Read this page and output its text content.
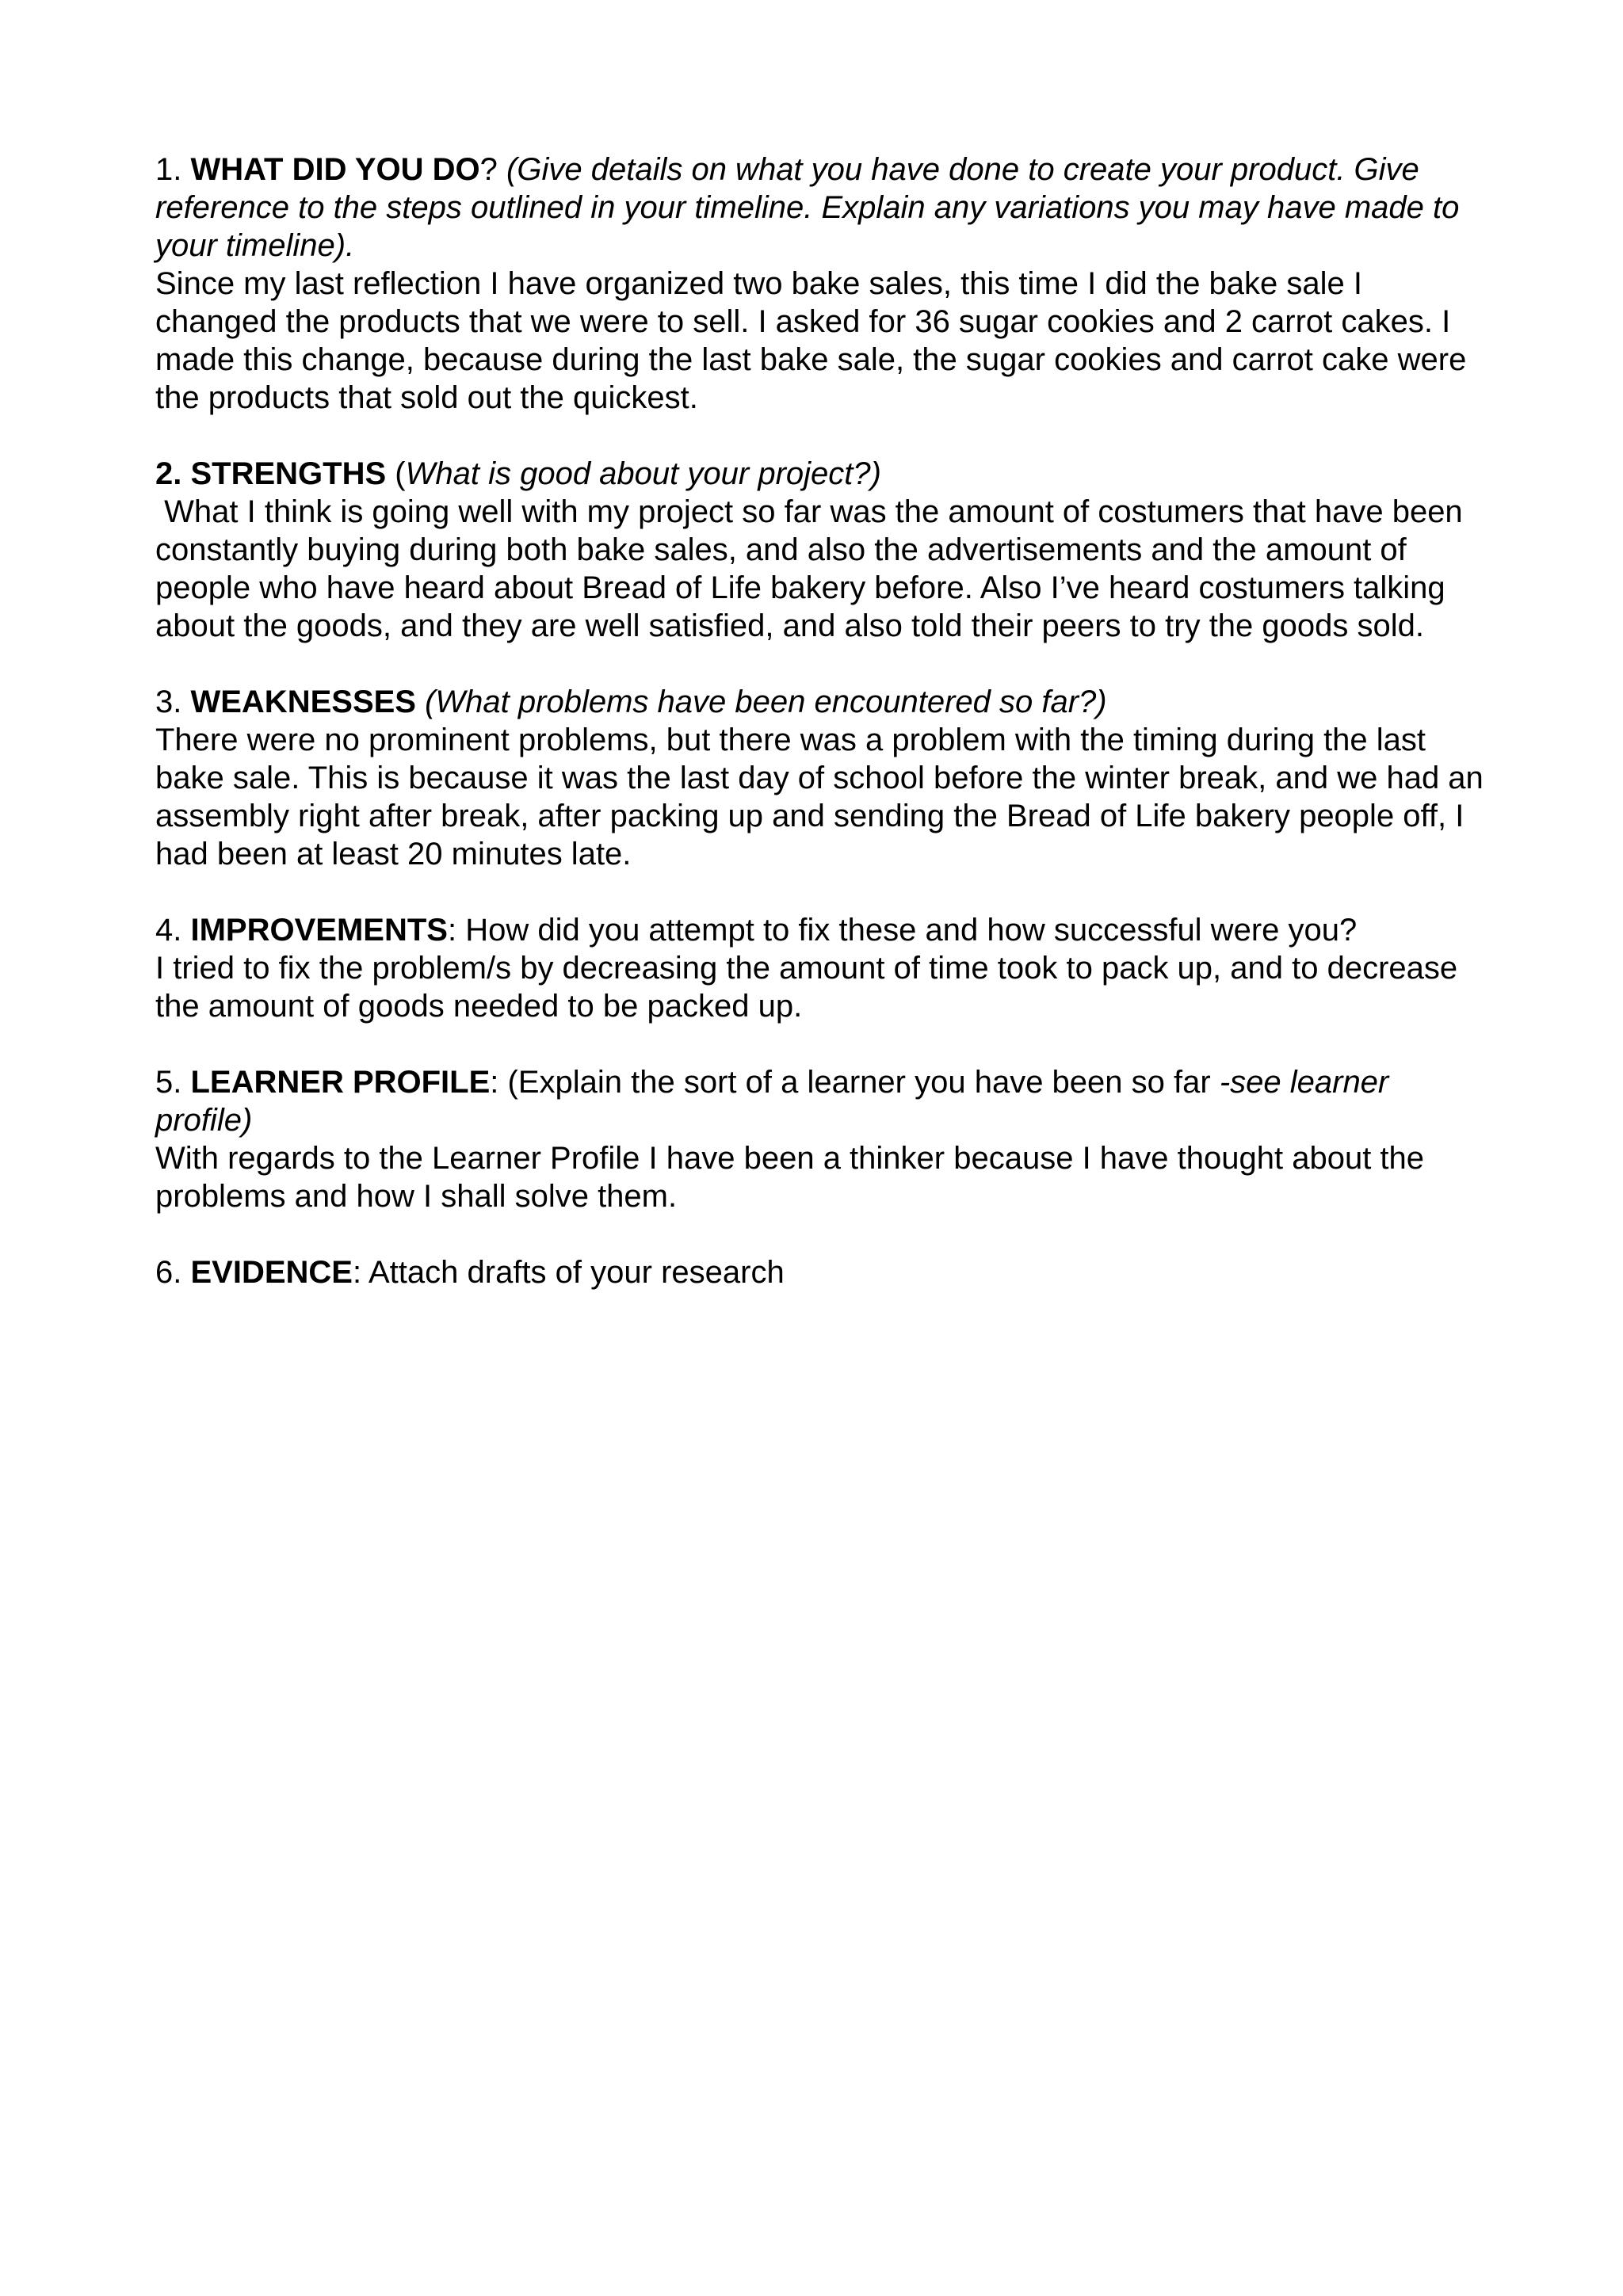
1. WHAT DID YOU DO? (Give details on what you have done to create your product. Give reference to the steps outlined in your timeline. Explain any variations you may have made to your timeline).
Since my last reflection I have organized two bake sales, this time I did the bake sale I changed the products that we were to sell. I asked for 36 sugar cookies and 2 carrot cakes. I made this change, because during the last bake sale, the sugar cookies and carrot cake were the products that sold out the quickest.
2. STRENGTHS (What is good about your project?)
What I think is going well with my project so far was the amount of costumers that have been constantly buying during both bake sales, and also the advertisements and the amount of people who have heard about Bread of Life bakery before. Also I’ve heard costumers talking about the goods, and they are well satisfied, and also told their peers to try the goods sold.
3. WEAKNESSES (What problems have been encountered so far?)
There were no prominent problems, but there was a problem with the timing during the last bake sale. This is because it was the last day of school before the winter break, and we had an assembly right after break, after packing up and sending the Bread of Life bakery people off, I had been at least 20 minutes late.
4. IMPROVEMENTS: How did you attempt to fix these and how successful were you?
I tried to fix the problem/s by decreasing the amount of time took to pack up, and to decrease the amount of goods needed to be packed up.
5. LEARNER PROFILE: (Explain the sort of a learner you have been so far -see learner profile)
With regards to the Learner Profile I have been a thinker because I have thought about the problems and how I shall solve them.
6. EVIDENCE: Attach drafts of your research
